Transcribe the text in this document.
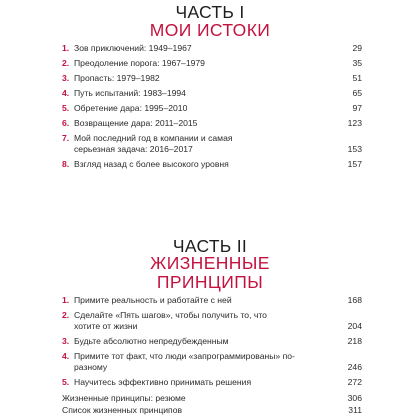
ЧАСТЬ I
МОИ ИСТОКИ
1. Зов приключений: 1949–1967	29
2. Преодоление порога: 1967–1979	35
3. Пропасть: 1979–1982	51
4. Путь испытаний: 1983–1994	65
5. Обретение дара: 1995–2010	97
6. Возвращение дара: 2011–2015	123
7. Мой последний год в компании и самая серьезная задача: 2016–2017	153
8. Взгляд назад с более высокого уровня	157
ЧАСТЬ II
ЖИЗНЕННЫЕ ПРИНЦИПЫ
1. Примите реальность и работайте с ней	168
2. Сделайте «Пять шагов», чтобы получить то, что хотите от жизни	204
3. Будьте абсолютно непредубежденным	218
4. Примите тот факт, что люди «запрограммированы» по-разному	246
5. Научитесь эффективно принимать решения	272
Жизненные принципы: резюме	306
Список жизненных принципов	311
